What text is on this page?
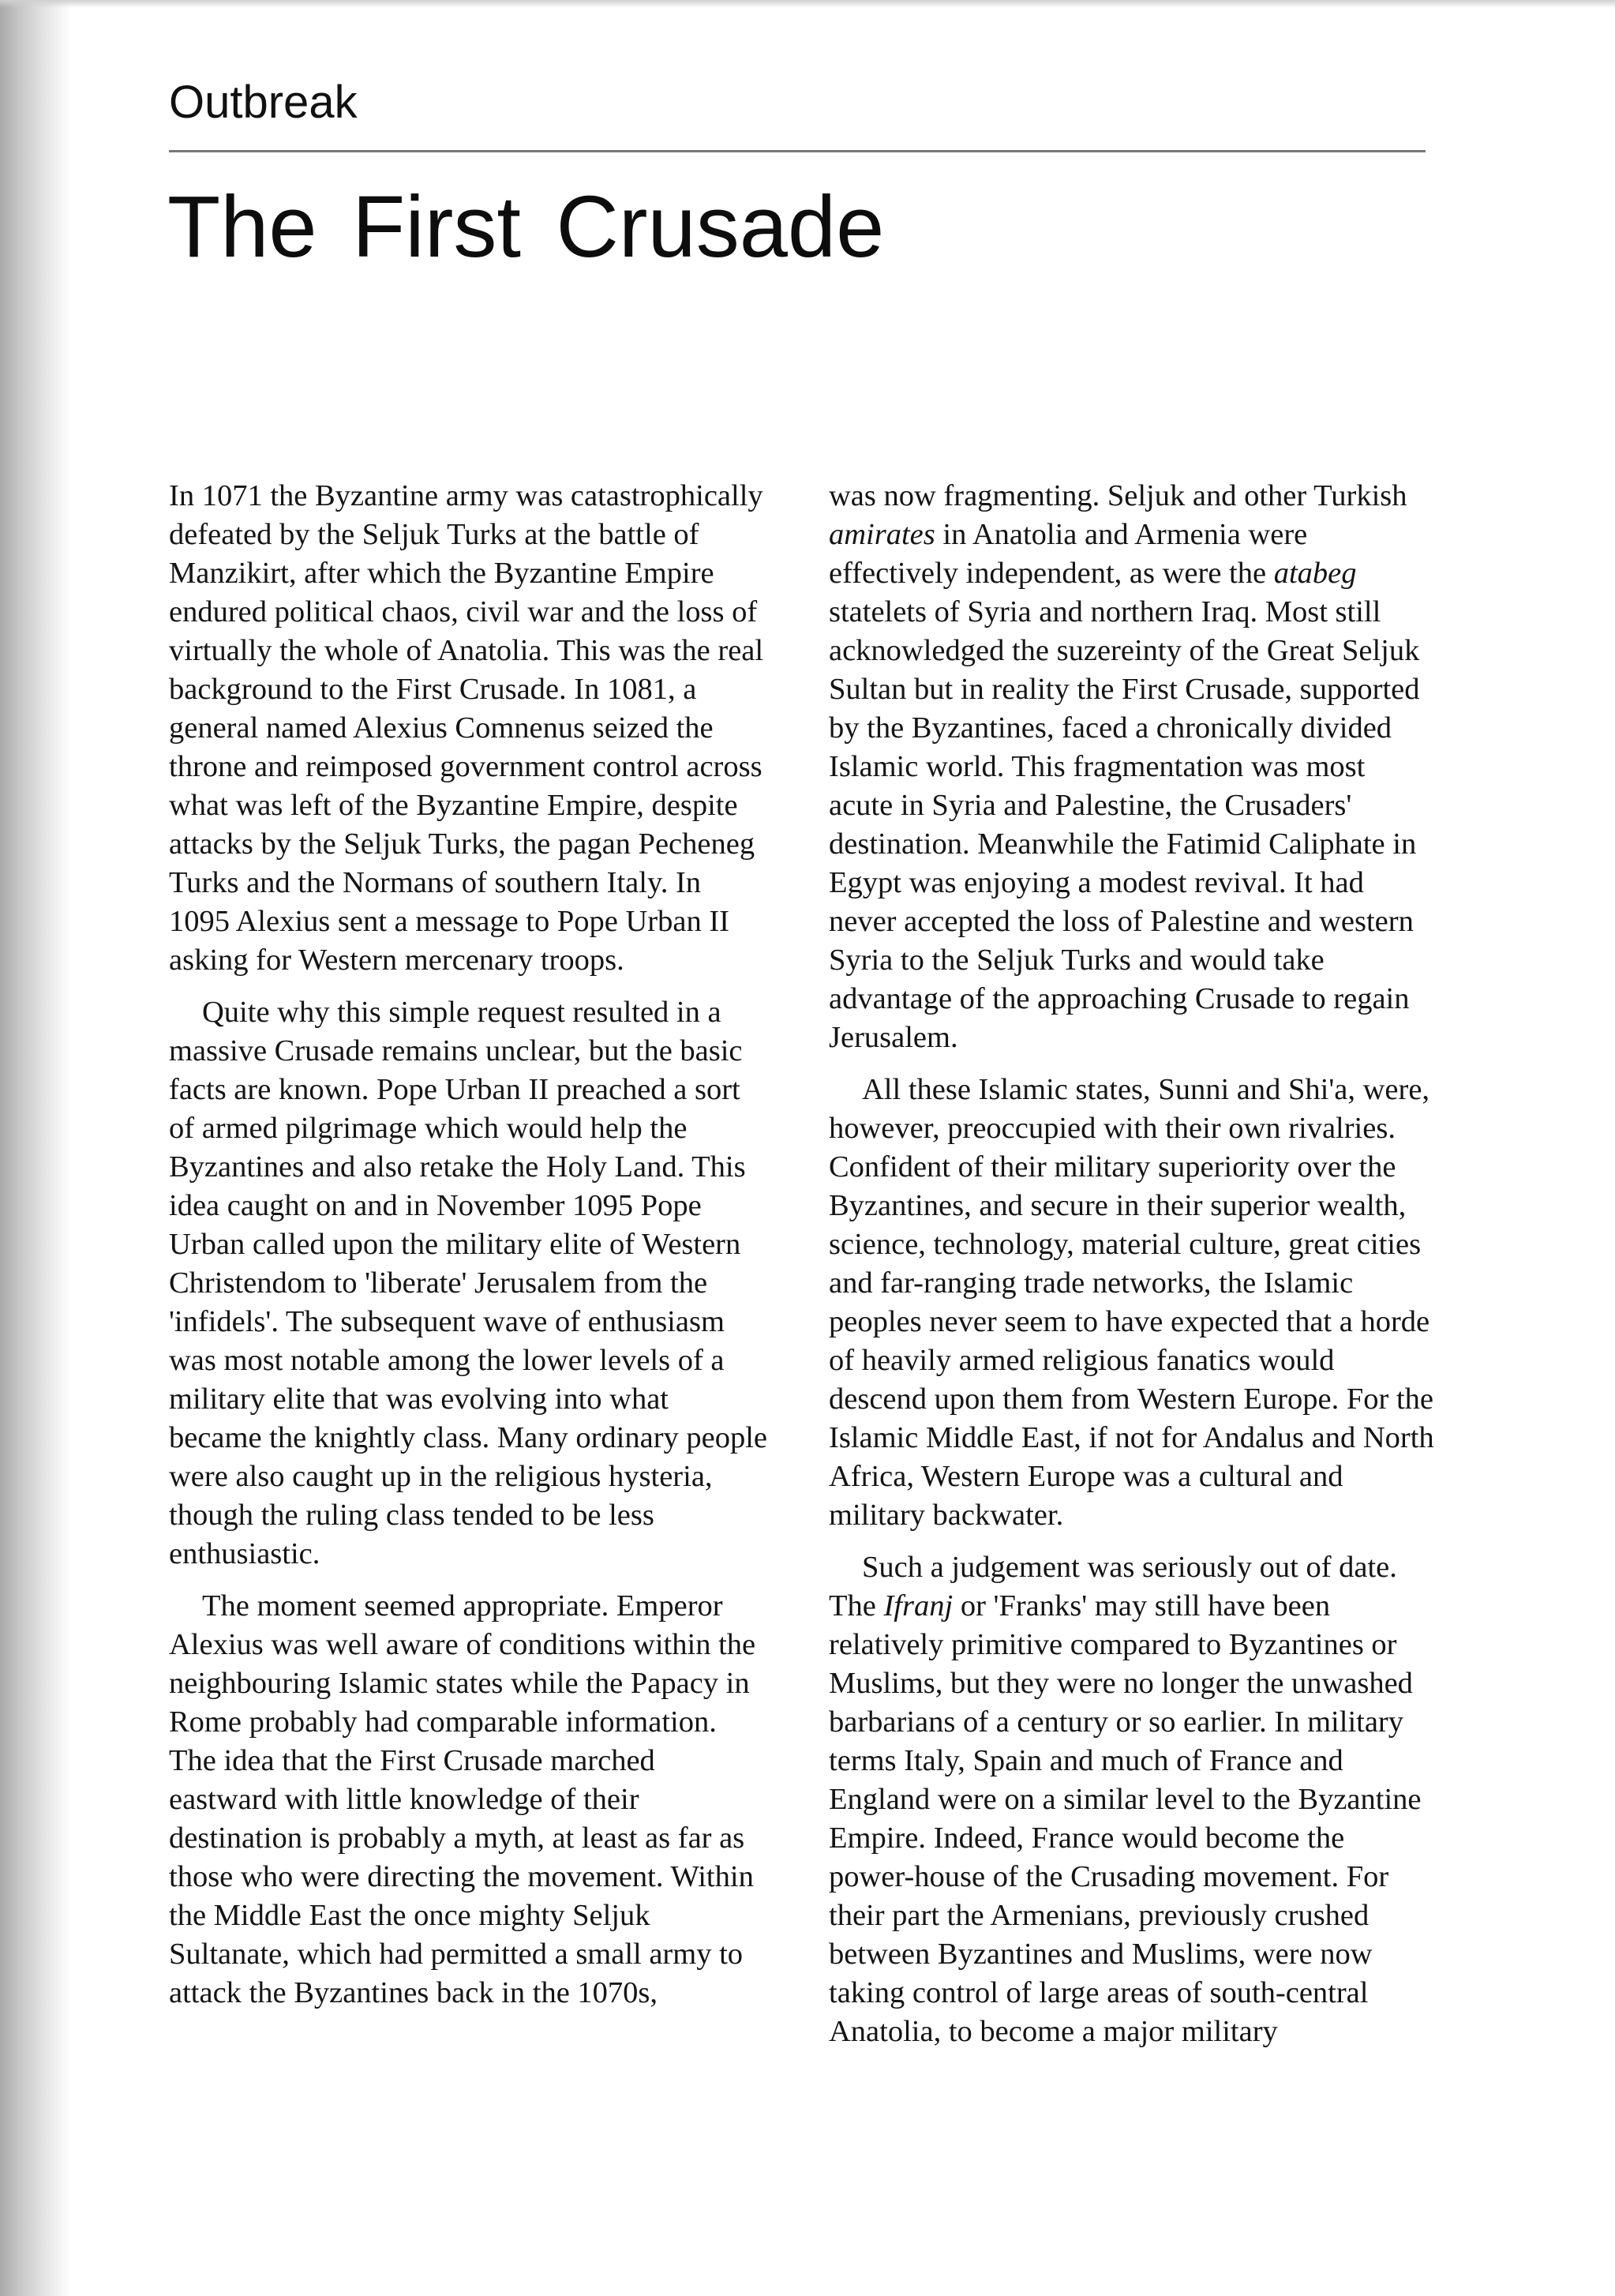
Outbreak
The First Crusade

In 1071 the Byzantine army was catastrophically defeated by the Seljuk Turks at the battle of Manzikirt, after which the Byzantine Empire endured political chaos, civil war and the loss of virtually the whole of Anatolia. This was the real background to the First Crusade. In 1081, a general named Alexius Comnenus seized the throne and reimposed government control across what was left of the Byzantine Empire, despite attacks by the Seljuk Turks, the pagan Pecheneg Turks and the Normans of southern Italy. In 1095 Alexius sent a message to Pope Urban II asking for Western mercenary troops.

Quite why this simple request resulted in a massive Crusade remains unclear, but the basic facts are known. Pope Urban II preached a sort of armed pilgrimage which would help the Byzantines and also retake the Holy Land. This idea caught on and in November 1095 Pope Urban called upon the military elite of Western Christendom to 'liberate' Jerusalem from the 'infidels'. The subsequent wave of enthusiasm was most notable among the lower levels of a military elite that was evolving into what became the knightly class. Many ordinary people were also caught up in the religious hysteria, though the ruling class tended to be less enthusiastic.

The moment seemed appropriate. Emperor Alexius was well aware of conditions within the neighbouring Islamic states while the Papacy in Rome probably had comparable information. The idea that the First Crusade marched eastward with little knowledge of their destination is probably a myth, at least as far as those who were directing the movement. Within the Middle East the once mighty Seljuk Sultanate, which had permitted a small army to attack the Byzantines back in the 1070s,

was now fragmenting. Seljuk and other Turkish amirates in Anatolia and Armenia were effectively independent, as were the atabeg statelets of Syria and northern Iraq. Most still acknowledged the suzereinty of the Great Seljuk Sultan but in reality the First Crusade, supported by the Byzantines, faced a chronically divided Islamic world. This fragmentation was most acute in Syria and Palestine, the Crusaders' destination. Meanwhile the Fatimid Caliphate in Egypt was enjoying a modest revival. It had never accepted the loss of Palestine and western Syria to the Seljuk Turks and would take advantage of the approaching Crusade to regain Jerusalem.

All these Islamic states, Sunni and Shi'a, were, however, preoccupied with their own rivalries. Confident of their military superiority over the Byzantines, and secure in their superior wealth, science, technology, material culture, great cities and far-ranging trade networks, the Islamic peoples never seem to have expected that a horde of heavily armed religious fanatics would descend upon them from Western Europe. For the Islamic Middle East, if not for Andalus and North Africa, Western Europe was a cultural and military backwater.

Such a judgement was seriously out of date. The Ifranj or 'Franks' may still have been relatively primitive compared to Byzantines or Muslims, but they were no longer the unwashed barbarians of a century or so earlier. In military terms Italy, Spain and much of France and England were on a similar level to the Byzantine Empire. Indeed, France would become the power-house of the Crusading movement. For their part the Armenians, previously crushed between Byzantines and Muslims, were now taking control of large areas of south-central Anatolia, to become a major military
